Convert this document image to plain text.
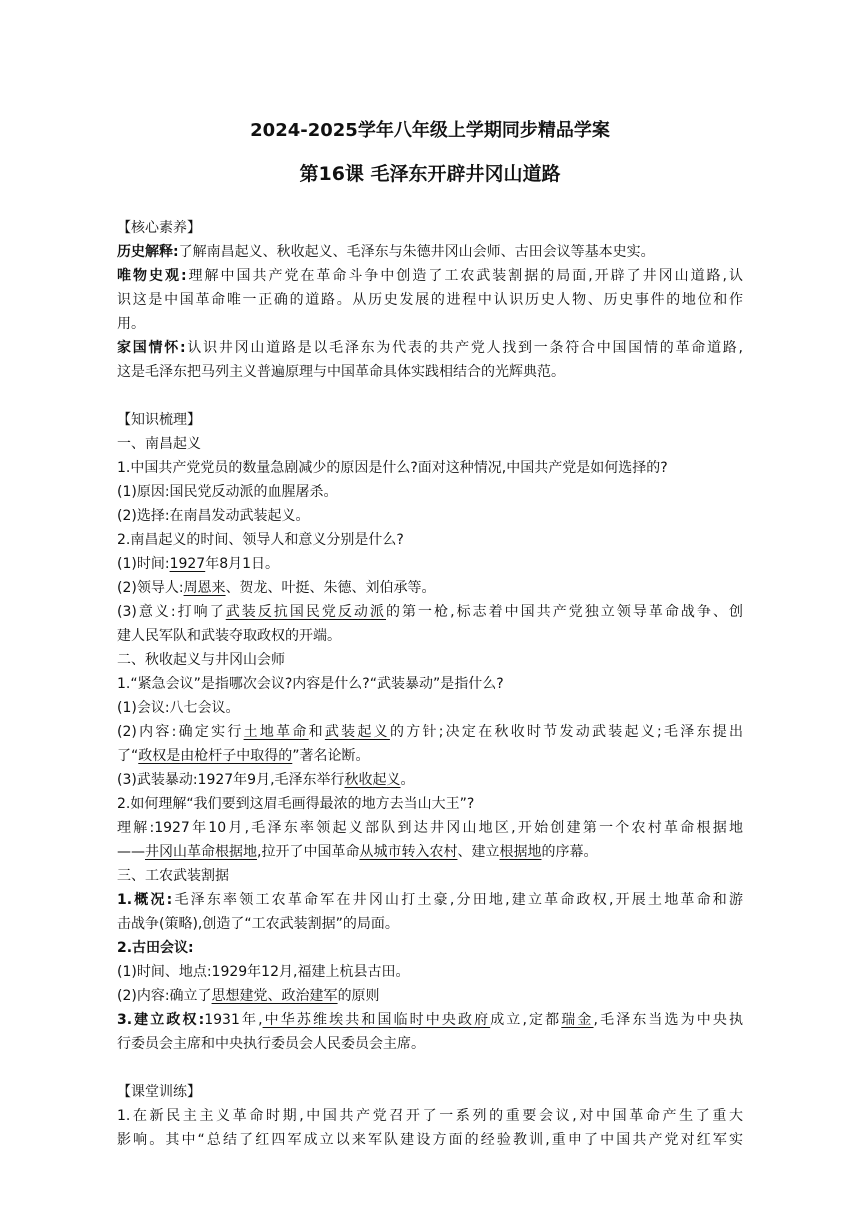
2024-2025学年八年级上学期同步精品学案
第16课 毛泽东开辟井冈山道路
【核心素养】
历史解释:了解南昌起义、秋收起义、毛泽东与朱德井冈山会师、古田会议等基本史实。
唯物史观:理解中国共产党在革命斗争中创造了工农武装割据的局面,开辟了井冈山道路,认
识这是中国革命唯一正确的道路。从历史发展的进程中认识历史人物、历史事件的地位和作
用。
家国情怀:认识井冈山道路是以毛泽东为代表的共产党人找到一条符合中国国情的革命道路,
这是毛泽东把马列主义普遍原理与中国革命具体实践相结合的光辉典范。
【知识梳理】
一、南昌起义
1.中国共产党党员的数量急剧减少的原因是什么?面对这种情况,中国共产党是如何选择的?
(1)原因:国民党反动派的血腥屠杀。
(2)选择:在南昌发动武装起义。
2.南昌起义的时间、领导人和意义分别是什么?
(1)时间:1927年8月1日。
(2)领导人:周恩来、贺龙、叶挺、朱德、刘伯承等。
(3)意义:打响了武装反抗国民党反动派的第一枪,标志着中国共产党独立领导革命战争、创
建人民军队和武装夺取政权的开端。
二、秋收起义与井冈山会师
1.“紧急会议”是指哪次会议?内容是什么?“武装暴动”是指什么?
(1)会议:八七会议。
(2)内容:确定实行土地革命和武装起义的方针;决定在秋收时节发动武装起义;毛泽东提出
了“政权是由枪杆子中取得的”著名论断。
(3)武装暴动:1927年9月,毛泽东举行秋收起义。
2.如何理解“我们要到这眉毛画得最浓的地方去当山大王”?
理解:1927年10月,毛泽东率领起义部队到达井冈山地区,开始创建第一个农村革命根据地
——井冈山革命根据地,拉开了中国革命从城市转入农村、建立根据地的序幕。
三、工农武装割据
1.概况:毛泽东率领工农革命军在井冈山打土豪,分田地,建立革命政权,开展土地革命和游
击战争(策略),创造了“工农武装割据”的局面。
2.古田会议:
(1)时间、地点:1929年12月,福建上杭县古田。
(2)内容:确立了思想建党、政治建军的原则
3.建立政权:1931年,中华苏维埃共和国临时中央政府成立,定都瑞金,毛泽东当选为中央执
行委员会主席和中央执行委员会人民委员会主席。
【课堂训练】
1.在新民主主义革命时期,中国共产党召开了一系列的重要会议,对中国革命产生了重大
影响。其中“总结了红四军成立以来军队建设方面的经验教训,重申了中国共产党对红军实
